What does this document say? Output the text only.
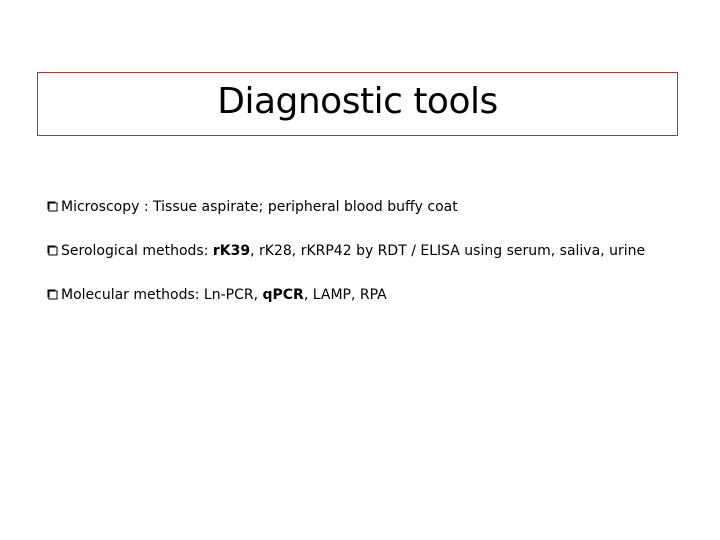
Diagnostic tools
Microscopy : Tissue aspirate; peripheral blood buffy coat
Serological methods: rK39, rK28, rKRP42 by RDT / ELISA using serum, saliva, urine
Molecular methods: Ln-PCR, qPCR, LAMP, RPA
